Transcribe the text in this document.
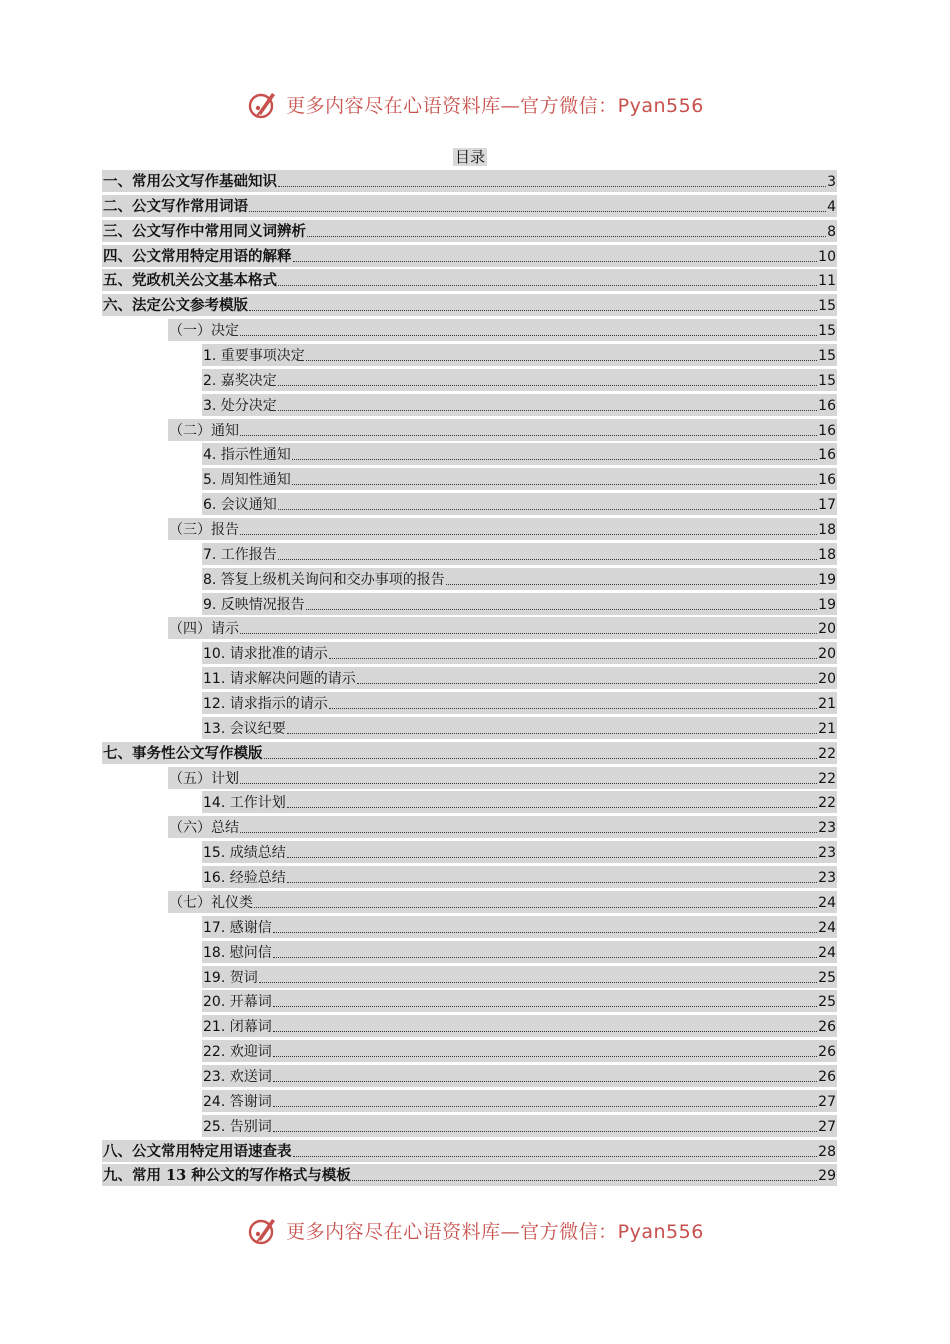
更多内容尽在心语资料库—官方微信：Pyan556
目录
一、常用公文写作基础知识	3
二、公文写作常用词语	4
三、公文写作中常用同义词辨析	8
四、公文常用特定用语的解释	10
五、党政机关公文基本格式	11
六、法定公文参考模版	15
（一）决定	15
1. 重要事项决定	15
2. 嘉奖决定	15
3. 处分决定	16
（二）通知	16
4. 指示性通知	16
5. 周知性通知	16
6. 会议通知	17
（三）报告	18
7. 工作报告	18
8. 答复上级机关询问和交办事项的报告	19
9. 反映情况报告	19
（四）请示	20
10. 请求批准的请示	20
11. 请求解决问题的请示	20
12. 请求指示的请示	21
13. 会议纪要	21
七、事务性公文写作模版	22
（五）计划	22
14. 工作计划	22
（六）总结	23
15. 成绩总结	23
16. 经验总结	23
（七）礼仪类	24
17. 感谢信	24
18. 慰问信	24
19. 贺词	25
20. 开幕词	25
21. 闭幕词	26
22. 欢迎词	26
23. 欢送词	26
24. 答谢词	27
25. 告别词	27
八、公文常用特定用语速查表	28
九、常用 13 种公文的写作格式与模板	29
更多内容尽在心语资料库—官方微信：Pyan556
